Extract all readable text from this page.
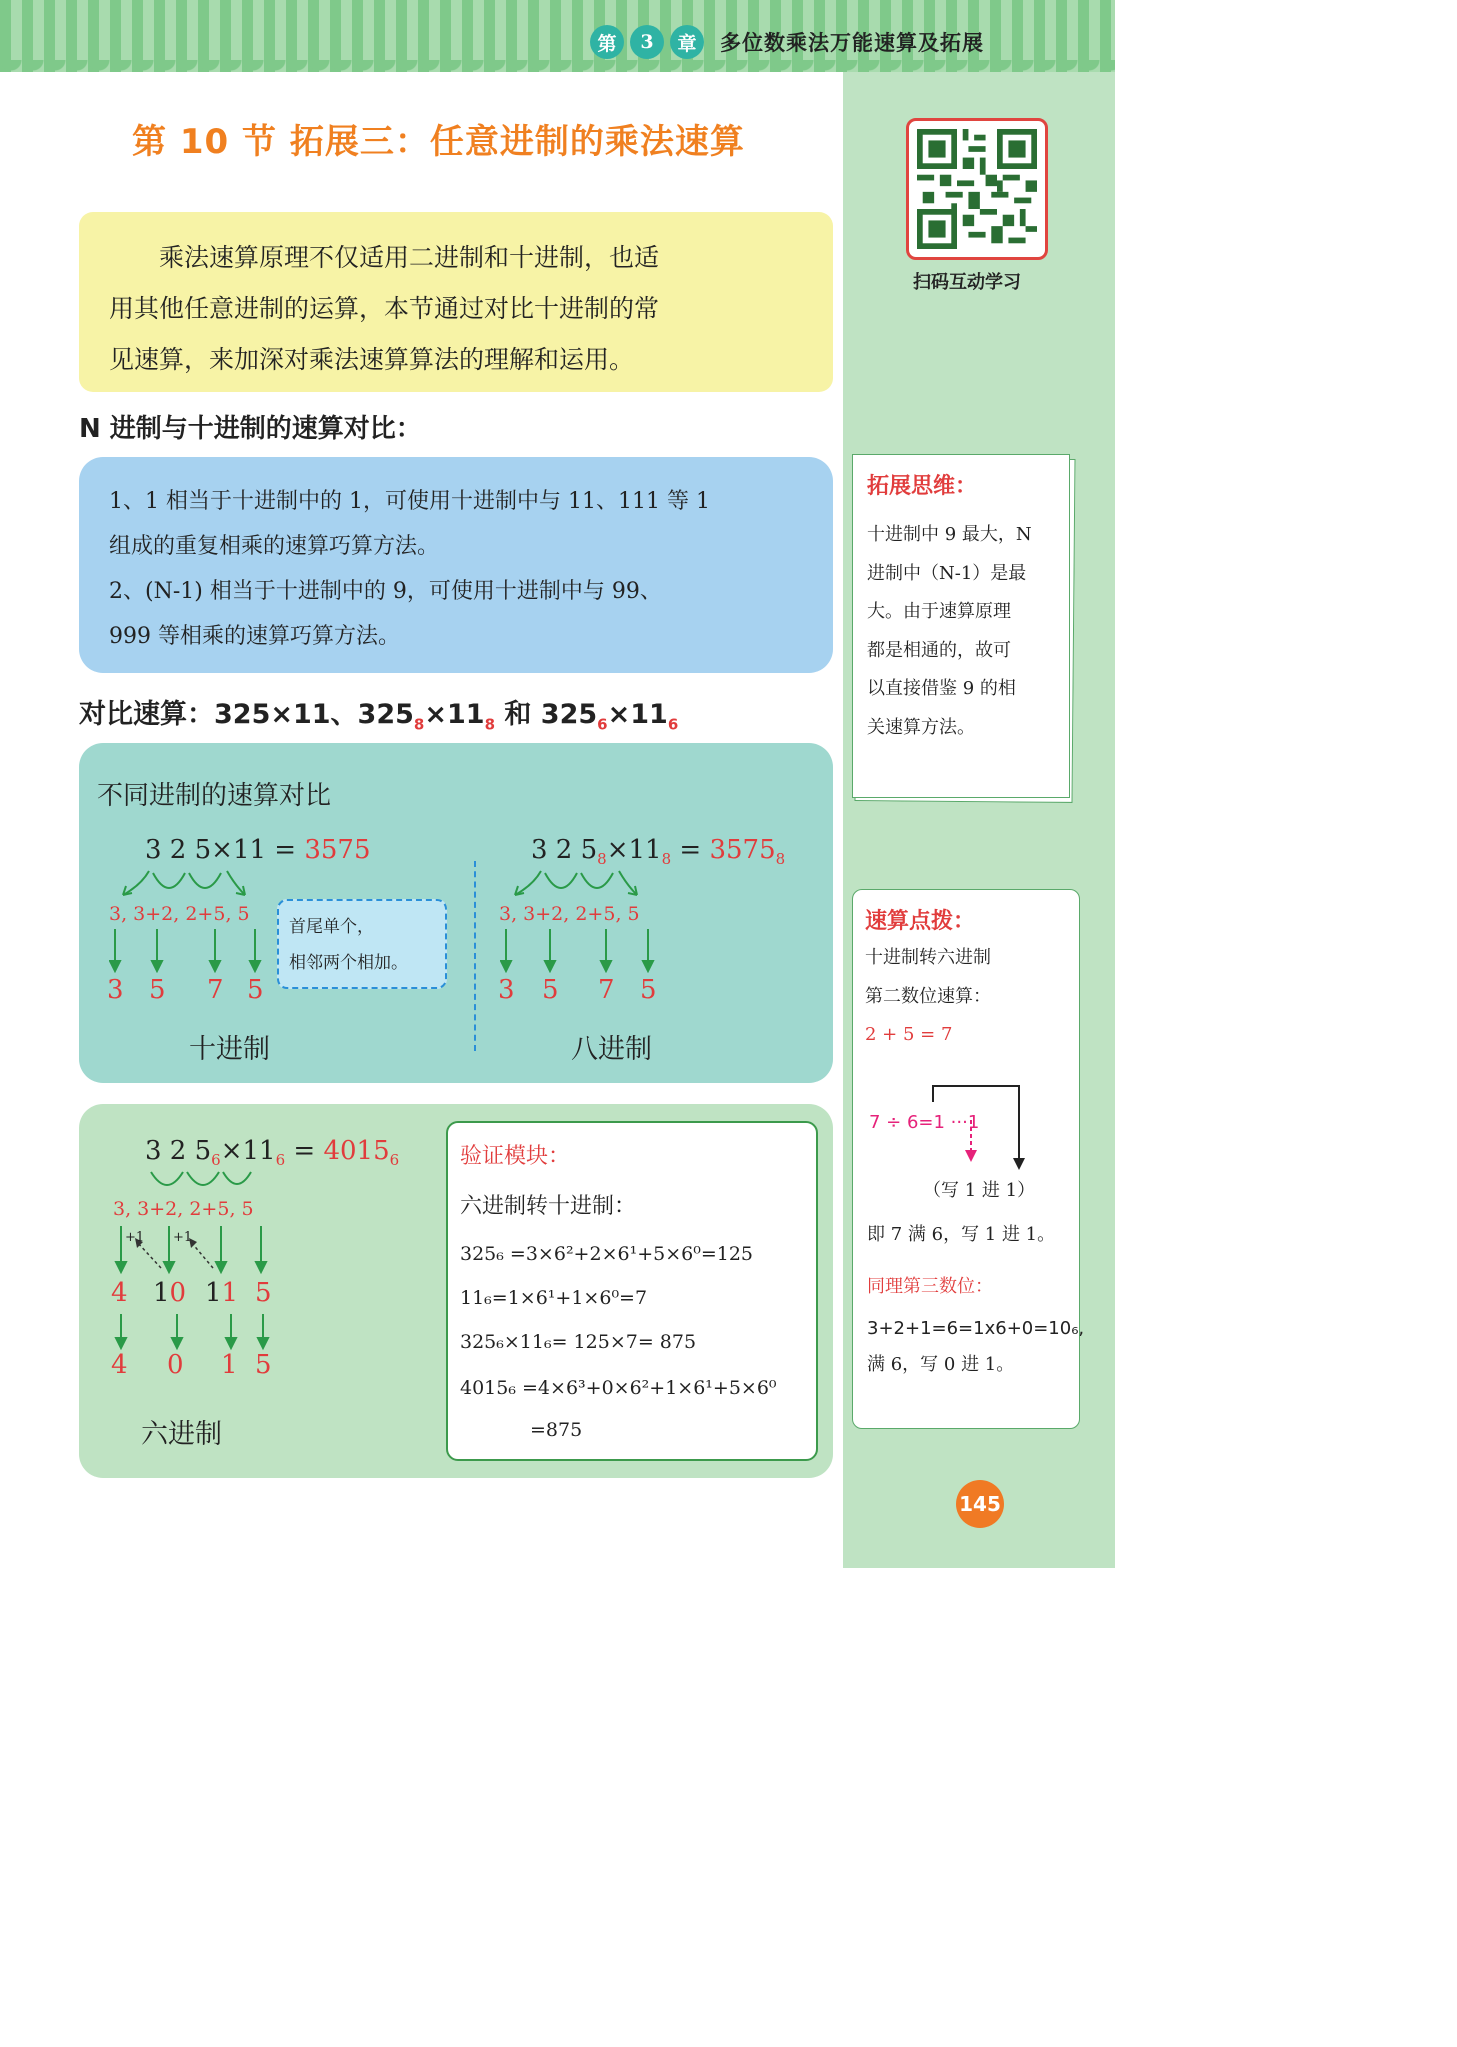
第	3	章	多位数乘法万能速算及拓展
第 10 节 拓展三：任意进制的乘法速算

乘法速算原理不仅适用二进制和十进制，也适

用其他任意进制的运算，本节通过对比十进制的常
见速算，来加深对乘法速算算法的理解和运用。
N 进制与十进制的速算对比：
1、1 相当于十进制中的 1，可使用十进制中与 11、111 等 1
组成的重复相乘的速算巧算方法。
2、(N-1) 相当于十进制中的 9，可使用十进制中与 99、
999 等相乘的速算巧算方法。
对比速算：325×11、$325_8\times 11_8$ 和 $325_6\times 11_6$
不同进制的速算对比
3 2 5×11 = 3575
3, 3+2, 2+5, 5
3 5 7 5
首尾单个，
相邻两个相加。
十进制
3 2 $5_8\times 11_8 = 3575_8$
3, 3+2, 2+5, 5
3 5 7 5
八进制
3 2 $5_6\times 11_6 = 4015_6$
3, 3+2, 2+5, 5
+1 +1
4 10 11 5
4 0 1 5
六进制
验证模块：
六进制转十进制：
325₆ =3×6²+2×6¹+5×6⁰=125
11₆=1×6¹+1×6⁰=7
325₆×11₆= 125×7= 875
4015₆ =4×6³+0×6²+1×6¹+5×6⁰
=875
扫码互动学习
拓展思维：
十进制中 9 最大，N
进制中（N-1）是最
大。由于速算原理
都是相通的，故可
以直接借鉴 9 的相
关速算方法。
速算点拨：
十进制转六进制
第二数位速算：
2 + 5 = 7
7 ÷ 6=1 ···1
（写 1 进 1）
即 7 满 6，写 1 进 1。
同理第三数位：
3+2+1=6=1x6+0=10₆,
满 6，写 0 进 1。
145
